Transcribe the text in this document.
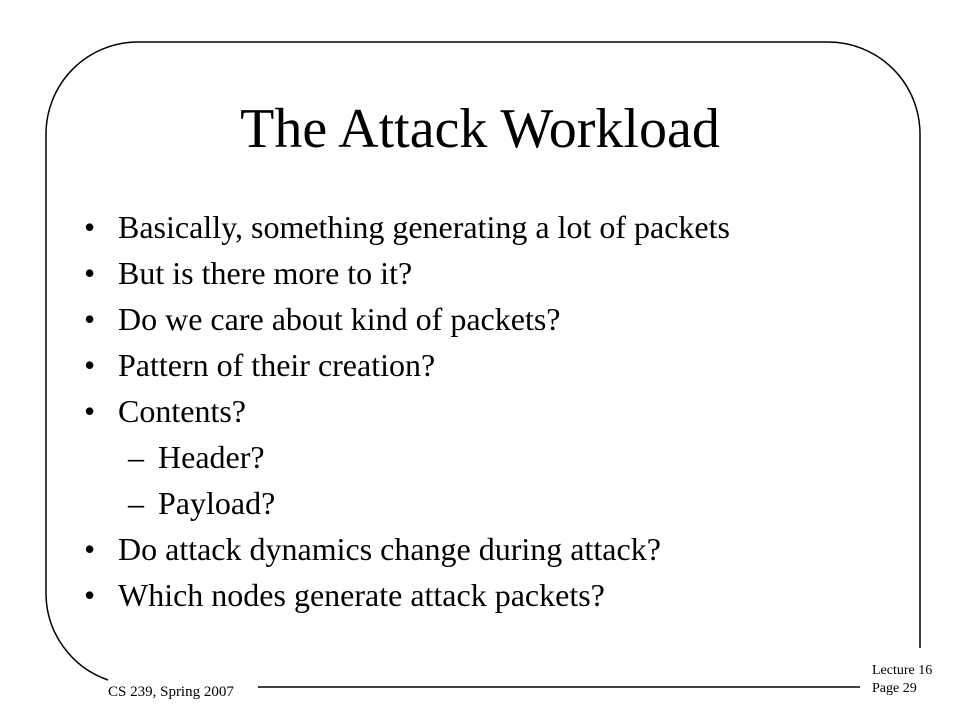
The Attack Workload
• Basically, something generating a lot of packets
• But is there more to it?
• Do we care about kind of packets?
• Pattern of their creation?
• Contents?
– Header?
– Payload?
• Do attack dynamics change during attack?
• Which nodes generate attack packets?
CS 239, Spring 2007
Lecture 16
Page 29
